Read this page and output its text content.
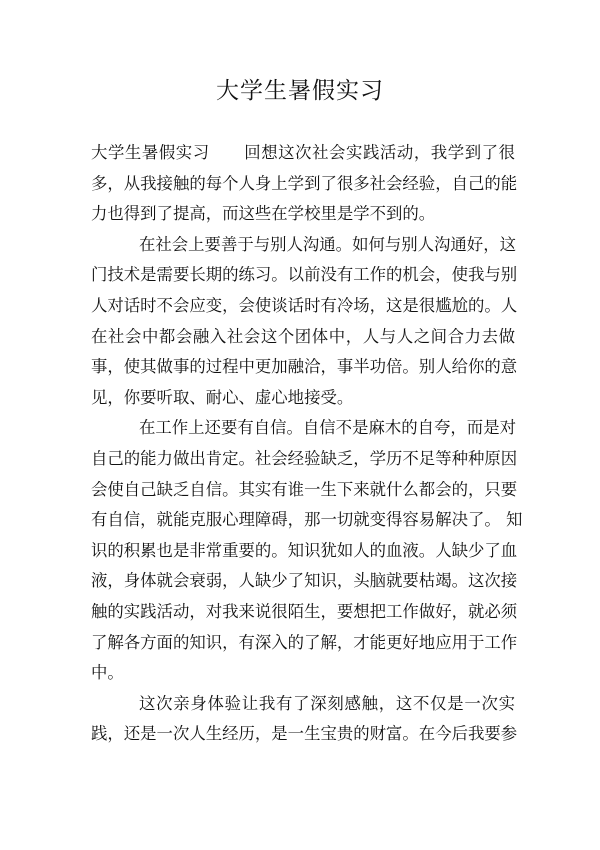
大学生暑假实习
大学生暑假实习 回想这次社会实践活动，我学到了很
多，从我接触的每个人身上学到了很多社会经验，自己的能
力也得到了提高，而这些在学校里是学不到的。
在社会上要善于与别人沟通。如何与别人沟通好，这
门技术是需要长期的练习。以前没有工作的机会，使我与别
人对话时不会应变，会使谈话时有冷场，这是很尴尬的。人
在社会中都会融入社会这个团体中，人与人之间合力去做
事，使其做事的过程中更加融洽，事半功倍。别人给你的意
见，你要听取、耐心、虚心地接受。
在工作上还要有自信。自信不是麻木的自夸，而是对
自己的能力做出肯定。社会经验缺乏，学历不足等种种原因
会使自己缺乏自信。其实有谁一生下来就什么都会的，只要
有自信，就能克服心理障碍，那一切就变得容易解决了。 知
识的积累也是非常重要的。知识犹如人的血液。人缺少了血
液，身体就会衰弱，人缺少了知识，头脑就要枯竭。这次接
触的实践活动，对我来说很陌生，要想把工作做好，就必须
了解各方面的知识，有深入的了解，才能更好地应用于工作
中。
这次亲身体验让我有了深刻感触，这不仅是一次实
践，还是一次人生经历，是一生宝贵的财富。在今后我要参
